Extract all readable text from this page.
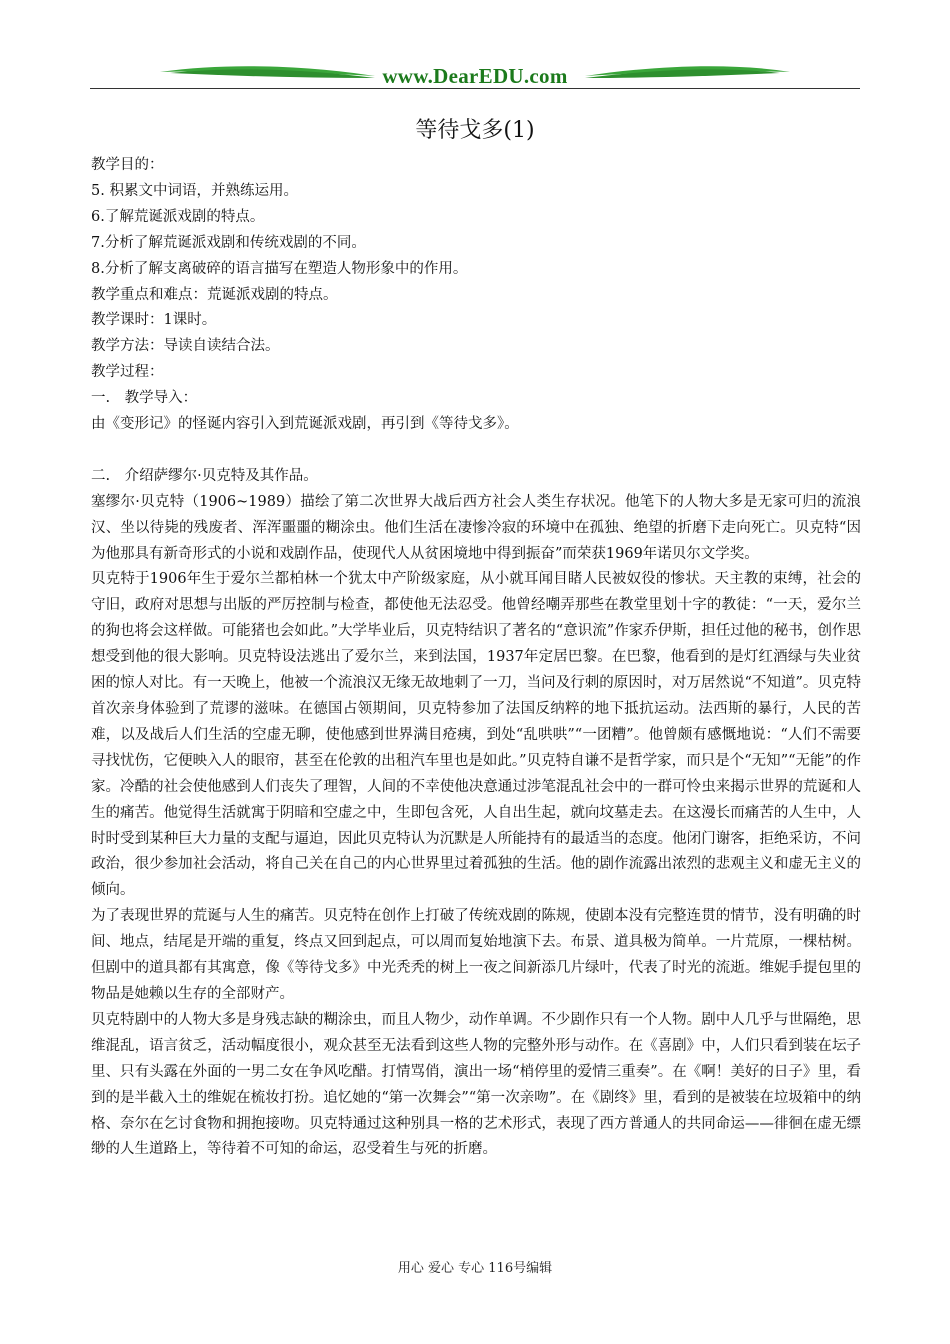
www.DearEDU.com
等待戈多(1)

教学目的：

5. 积累文中词语，并熟练运用。

6.了解荒诞派戏剧的特点。

7.分析了解荒诞派戏剧和传统戏剧的不同。

8.分析了解支离破碎的语言描写在塑造人物形象中的作用。

教学重点和难点：荒诞派戏剧的特点。

教学课时：1课时。

教学方法：导读自读结合法。

教学过程：

一.　教学导入：

由《变形记》的怪诞内容引入到荒诞派戏剧，再引到《等待戈多》。

二.　介绍萨缪尔·贝克特及其作品。

塞缪尔·贝克特（1906~1989）描绘了第二次世界大战后西方社会人类生存状况。他笔下的人物大多是无家可归的流浪汉、坐以待毙的残废者、浑浑噩噩的糊涂虫。他们生活在凄惨冷寂的环境中在孤独、绝望的折磨下走向死亡。贝克特“因为他那具有新奇形式的小说和戏剧作品，使现代人从贫困境地中得到振奋”而荣获1969年诺贝尔文学奖。

贝克特于1906年生于爱尔兰都柏林一个犹太中产阶级家庭，从小就耳闻目睹人民被奴役的惨状。天主教的束缚，社会的守旧，政府对思想与出版的严厉控制与检查，都使他无法忍受。他曾经嘲弄那些在教堂里划十字的教徒：“一天，爱尔兰的狗也将会这样做。可能猪也会如此。”大学毕业后，贝克特结识了著名的“意识流”作家乔伊斯，担任过他的秘书，创作思想受到他的很大影响。贝克特设法逃出了爱尔兰，来到法国，1937年定居巴黎。在巴黎，他看到的是灯红酒绿与失业贫困的惊人对比。有一天晚上，他被一个流浪汉无缘无故地刺了一刀，当问及行刺的原因时，对万居然说“不知道”。贝克特首次亲身体验到了荒谬的滋味。在德国占领期间，贝克特参加了法国反纳粹的地下抵抗运动。法西斯的暴行，人民的苦难，以及战后人们生活的空虚无聊，使他感到世界满目疮痍，到处“乱哄哄”“一团糟”。他曾颇有感慨地说：“人们不需要寻找忧伤，它便映入人的眼帘，甚至在伦敦的出租汽车里也是如此。”贝克特自谦不是哲学家，而只是个“无知”“无能”的作家。冷酷的社会使他感到人们丧失了理智，人间的不幸使他决意通过涉笔混乱社会中的一群可怜虫来揭示世界的荒诞和人生的痛苦。他觉得生活就寓于阴暗和空虚之中，生即包含死，人自出生起，就向坟墓走去。在这漫长而痛苦的人生中，人时时受到某种巨大力量的支配与逼迫，因此贝克特认为沉默是人所能持有的最适当的态度。他闭门谢客，拒绝采访，不问政治，很少参加社会活动，将自己关在自己的内心世界里过着孤独的生活。他的剧作流露出浓烈的悲观主义和虚无主义的倾向。

为了表现世界的荒诞与人生的痛苦。贝克特在创作上打破了传统戏剧的陈规，使剧本没有完整连贯的情节，没有明确的时间、地点，结尾是开端的重复，终点又回到起点，可以周而复始地演下去。布景、道具极为简单。一片荒原，一棵枯树。但剧中的道具都有其寓意，像《等待戈多》中光秃秃的树上一夜之间新添几片绿叶，代表了时光的流逝。维妮手提包里的物品是她赖以生存的全部财产。

贝克特剧中的人物大多是身残志缺的糊涂虫，而且人物少，动作单调。不少剧作只有一个人物。剧中人几乎与世隔绝，思维混乱，语言贫乏，活动幅度很小，观众甚至无法看到这些人物的完整外形与动作。在《喜剧》中，人们只看到装在坛子里、只有头露在外面的一男二女在争风吃醋。打情骂俏，演出一场“梢停里的爱情三重奏”。在《啊！美好的日子》里，看到的是半截入土的维妮在梳妆打扮。追忆她的“第一次舞会”“第一次亲吻”。在《剧终》里，看到的是被装在垃圾箱中的纳格、奈尔在乞讨食物和拥抱接吻。贝克特通过这种别具一格的艺术形式，表现了西方普通人的共同命运——徘徊在虚无缥缈的人生道路上，等待着不可知的命运，忍受着生与死的折磨。

用心 爱心 专心 116号编辑
